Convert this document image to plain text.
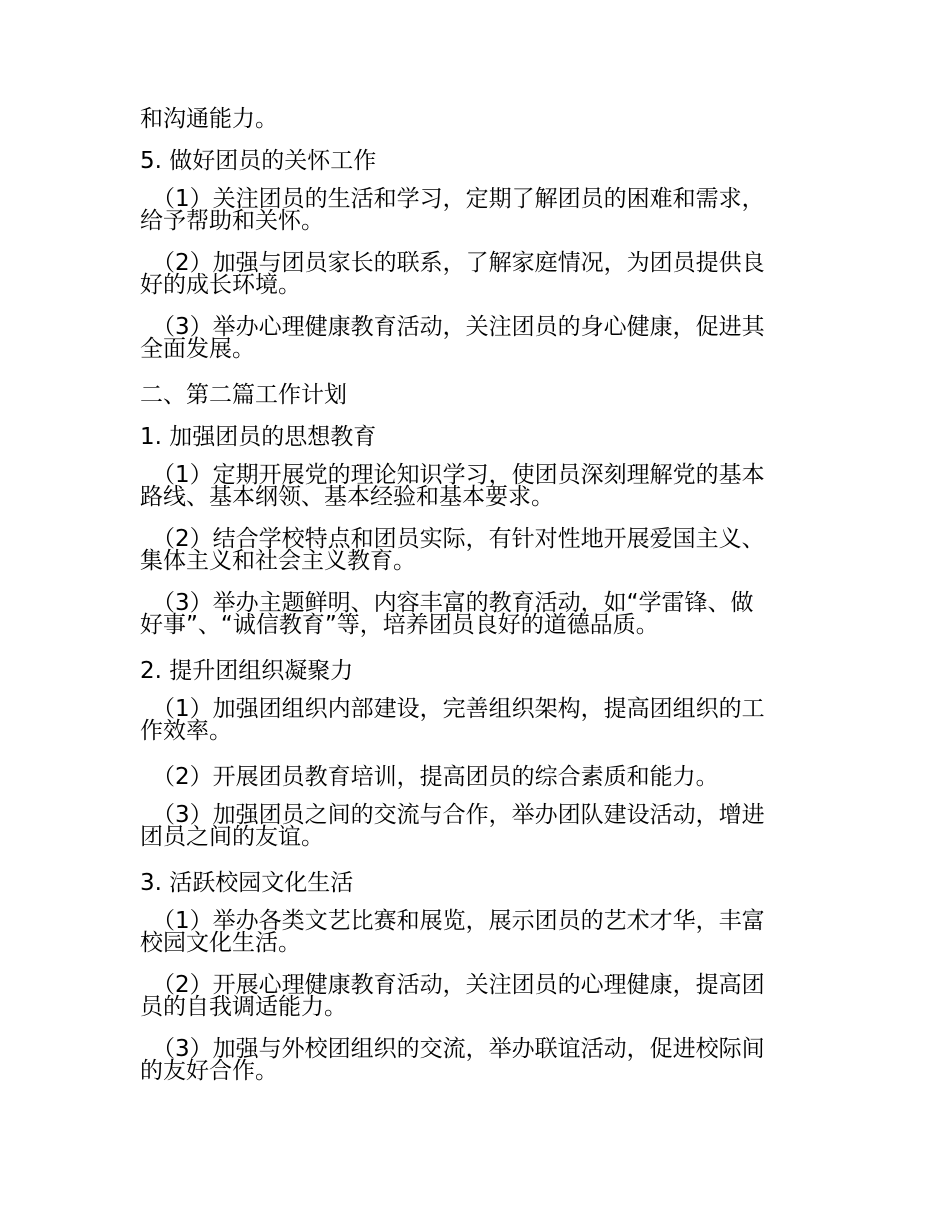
和沟通能力。
5. 做好团员的关怀工作
（1）关注团员的生活和学习，定期了解团员的困难和需求，
给予帮助和关怀。
（2）加强与团员家长的联系，了解家庭情况，为团员提供良
好的成长环境。
（3）举办心理健康教育活动，关注团员的身心健康，促进其
全面发展。
二、第二篇工作计划
1. 加强团员的思想教育
（1）定期开展党的理论知识学习，使团员深刻理解党的基本
路线、基本纲领、基本经验和基本要求。
（2）结合学校特点和团员实际，有针对性地开展爱国主义、
集体主义和社会主义教育。
（3）举办主题鲜明、内容丰富的教育活动，如“学雷锋、做
好事”、“诚信教育”等，培养团员良好的道德品质。
2. 提升团组织凝聚力
（1）加强团组织内部建设，完善组织架构，提高团组织的工
作效率。
（2）开展团员教育培训，提高团员的综合素质和能力。
（3）加强团员之间的交流与合作，举办团队建设活动，增进
团员之间的友谊。
3. 活跃校园文化生活
（1）举办各类文艺比赛和展览，展示团员的艺术才华，丰富
校园文化生活。
（2）开展心理健康教育活动，关注团员的心理健康，提高团
员的自我调适能力。
（3）加强与外校团组织的交流，举办联谊活动，促进校际间
的友好合作。
